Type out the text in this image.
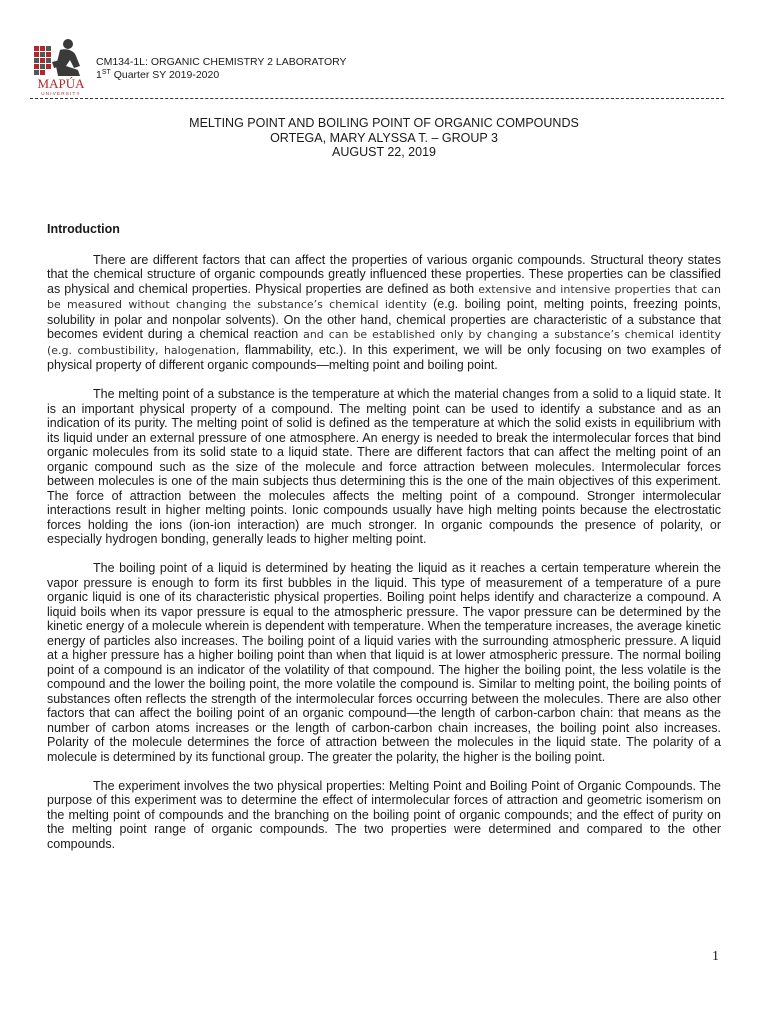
MAPÚA
UNIVERSITY
CM134-1L: ORGANIC CHEMISTRY 2 LABORATORY
1ST Quarter SY 2019-2020
MELTING POINT AND BOILING POINT OF ORGANIC COMPOUNDS
ORTEGA, MARY ALYSSA T. – GROUP 3
AUGUST 22, 2019
Introduction

There are different factors that can affect the properties of various organic compounds. Structural theory states that the chemical structure of organic compounds greatly influenced these properties. These properties can be classified as physical and chemical properties. Physical properties are defined as both extensive and intensive properties that can be measured without changing the substance’s chemical identity (e.g. boiling point, melting points, freezing points, solubility in polar and nonpolar solvents). On the other hand, chemical properties are characteristic of a substance that becomes evident during a chemical reaction and can be established only by changing a substance’s chemical identity (e.g. combustibility, halogenation, flammability, etc.). In this experiment, we will be only focusing on two examples of physical property of different organic compounds—melting point and boiling point.

The melting point of a substance is the temperature at which the material changes from a solid to a liquid state. It is an important physical property of a compound. The melting point can be used to identify a substance and as an indication of its purity. The melting point of solid is defined as the temperature at which the solid exists in equilibrium with its liquid under an external pressure of one atmosphere. An energy is needed to break the intermolecular forces that bind organic molecules from its solid state to a liquid state. There are different factors that can affect the melting point of an organic compound such as the size of the molecule and force attraction between molecules. Intermolecular forces between molecules is one of the main subjects thus determining this is the one of the main objectives of this experiment. The force of attraction between the molecules affects the melting point of a compound. Stronger intermolecular interactions result in higher melting points. Ionic compounds usually have high melting points because the electrostatic forces holding the ions (ion-ion interaction) are much stronger. In organic compounds the presence of polarity, or especially hydrogen bonding, generally leads to higher melting point.

The boiling point of a liquid is determined by heating the liquid as it reaches a certain temperature wherein the vapor pressure is enough to form its first bubbles in the liquid. This type of measurement of a temperature of a pure organic liquid is one of its characteristic physical properties. Boiling point helps identify and characterize a compound. A liquid boils when its vapor pressure is equal to the atmospheric pressure. The vapor pressure can be determined by the kinetic energy of a molecule wherein is dependent with temperature. When the temperature increases, the average kinetic energy of particles also increases. The boiling point of a liquid varies with the surrounding atmospheric pressure. A liquid at a higher pressure has a higher boiling point than when that liquid is at lower atmospheric pressure. The normal boiling point of a compound is an indicator of the volatility of that compound. The higher the boiling point, the less volatile is the compound and the lower the boiling point, the more volatile the compound is. Similar to melting point, the boiling points of substances often reflects the strength of the intermolecular forces occurring between the molecules. There are also other factors that can affect the boiling point of an organic compound—the length of carbon-carbon chain: that means as the number of carbon atoms increases or the length of carbon-carbon chain increases, the boiling point also increases. Polarity of the molecule determines the force of attraction between the molecules in the liquid state. The polarity of a molecule is determined by its functional group. The greater the polarity, the higher is the boiling point.

The experiment involves the two physical properties: Melting Point and Boiling Point of Organic Compounds. The purpose of this experiment was to determine the effect of intermolecular forces of attraction and geometric isomerism on the melting point of compounds and the branching on the boiling point of organic compounds; and the effect of purity on the melting point range of organic compounds. The two properties were determined and compared to the other compounds.

1
